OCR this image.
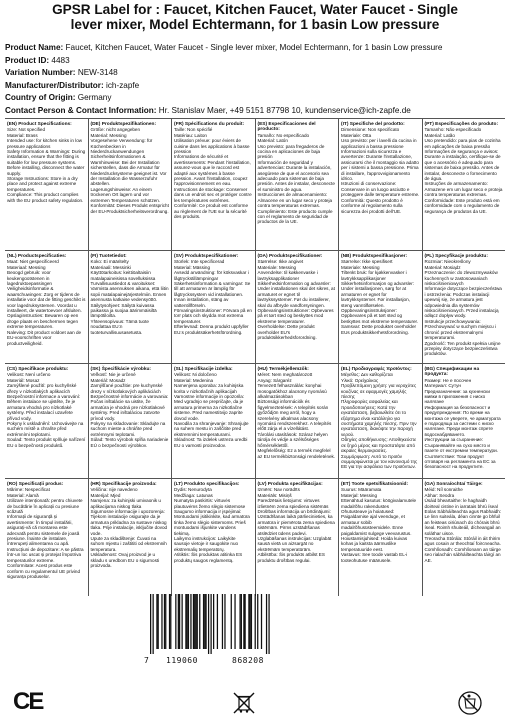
GPSR Label for : Faucet, Kitchen Faucet, Water Faucet - Single
lever mixer, Model Echtermann, for 1 basin Low pressure
Product Name: Faucet, Kitchen Faucet, Water Faucet - Single lever mixer, Model Echtermann, for 1 basin Low pressure
Product ID: 4483
Variation Number: NEW-3148
Manufacturer/Distributor: ich-zapfe
Country of Origin: Germany
Contact Person & Contact Information: Hr. Stanislav Maer, +49 5151 87798 10, kundenservice@ich-zapfe.de
(EN) Product Specifications:
Size: Not specified
Material: Brass
Intended use: for kitchen sinks in low pressure applications
Safety Information & Warnings: During installation, ensure that the fitting is suitable for low pressure systems. Before installing, disconnect the water supply.
Storage Instructions: Store in a dry place and protect against extreme temperatures.
Compliance: This product complies with the EU product safety regulation.
(DE) Produktspezifikationen:
Größe: nicht angegeben
Material: Messing
Vorgesehene Verwendung: für Küchenbecken in Niederdruckanwendungen
Sicherheitsinformationen & Warnhinweise: Bei der Installation sicherstellen, dass die Armatur für Niederdrucksysteme geeignet ist. Vor der Installation die Wasserzufuhr abstellen.
Lagerungshinweise: An einem trockenen Ort lagern und vor extremen Temperaturen schützen.
Konformität: Dieses Produkt entspricht der EU-Produktsicherheitsverordnung.
(FR) Spécifications du produit:
Taille: Non spécifié
Matériau: Laiton
Utilisation prévue: pour éviers de cuisine dans les applications à basse pression
Informations de sécurité et avertissements: Pendant l'installation, assurez-vous que le raccord est adapté aux systèmes à basse pression. Avant l'installation, coupez l'approvisionnement en eau.
Instructions de stockage: Conserver dans un endroit sec et protéger contre les températures extrêmes.
Conformité: Ce produit est conforme au règlement de l'UE sur la sécurité des produits.
(ES) Especificaciones del producto:
Tamaño: No especificado
Material: Latón
Uso previsto: para fregaderos de cocina en aplicaciones de baja presión
Información de seguridad y advertencias: Durante la instalación, asegúrese de que el accesorio sea adecuado para sistemas de baja presión. Antes de instalar, desconecte el suministro de agua.
Instrucciones de almacenamiento: Almacene en un lugar seco y proteja contra temperaturas extremas.
Cumplimiento: Este producto cumple con el reglamento de seguridad de productos de la UE.
(IT) Specifiche del prodotto:
Dimensione: Non specificato
Materiale: Otta
Uso previsto: per i lavelli da cucina in applicazioni a bassa pressione
Informazioni sulla sicurezza e avvertenze: Durante l'installazione, assicurarsi che il montaggio sia adatto per i sistemi a bassa pressione. Prima di installare, l'approvvigionamento idrico.
Istruzioni di conservazione: Conservare in un luogo asciutto e proteggere dalle temperature estreme.
Conformità: Questo prodotto è conforme al regolamento sulla sicurezza dei prodotti dell'UE.
(PT) Especificações do produto:
Tamanho: Não especificado
Material: Latão
Uso pretendido: para pias de cozinha em aplicações de baixa pressão
Informações de segurança e avisos: Durante a instalação, certifique-se de que o acessório é adequado para sistemas de baixa pressão. Antes de instalar, desconecte o fornecimento de água.
Instruções de armazenamento: Armazene em um lugar seco e proteja contra temperaturas extremas.
Conformidade: Este produto está em conformidade com o regulamento de segurança de produtos da UE.
(NL) Productspecificaties:
Maat: Niet gespecificeerd
Materiaal: Messing
Beoogd gebruik: voor keukengootstenen in lagedruktoepassingen
Veiligheidsinformatie & waarschuwingen: Zorg er tijdens de installatie voor dat de fitting geschikt is voor lagedruksystemen. Voordat u installeert, de watertoevoer afsluiten.
Opslaginstructies: Bewaren op een droge plaats en beschermen tegen extreme temperaturen.
Naleving: Dit product voldoet aan de EU-voorschriften voor productveiligheid.
(FI) Tuotetiedot:
Koko: Ei määritelty
Materiaali: Messinki
Käyttötarkoitus: keittiöaltaisiin matalapaineisissa sovelluksissa
Turvallisuustiedot & varoitukset: Varmista asennuksen aikana, että liitin sopii matalapainejärjestelmiin. Ennen asennusta katkaise vedensyöttö.
Säilytysohjeet: Säilytä kuivassa paikassa ja suojaa äärimmäisiltä lämpötiloilta.
Yhteensopivuus: Tämä tuote noudattaa EU:n tuoteturvallisuusasetusta.
(SV) Produktspecifikationer:
Storlek: Inte specificerad
Material: Mässing
Avsedd användning: för köksvaskar i lågtryckstillämpningar
Säkerhetsinformation & varningar: Se till att armaturen är lämplig för lågtryckssystem vid installationen. Innan installation, stäng av vattentillförseln.
Förvaringsinstruktioner: Förvara på en torr plats och skydda mot extrema temperaturer.
Efterlevnad: Denna produkt uppfyller EU:s produktsäkerhetsförordning.
(DA) Produktspecifikationer:
Størrelse: Ikke angivet
Materiale: Messing
Anvendelse: til køkkenvaske i lavtryksapplikationer
Sikkerhedsinformation og advarsler: Under installationen skal det sikres, at armaturet er egnet til lavtrykssystemer. Før du installerer, skal du afbryde vandforsyningen.
Opbevaringsinstruktioner: Opbevares på et tørt sted og beskyttes mod ekstreme temperaturer.
Overholdelse: Dette produkt overholder EU's produktsikkerhedsforordning.
(NB) Produktspesifikasjoner:
Størrelse: Ikke spesifisert
Materiale: Messing
Tiltenkt bruk: for kjøkkenvasker i lavtrykksapplikasjoner
Sikkerhetsinformasjon og advarsler: Under installasjonen, sørg for at armaturen er egnet for lavtrykksystemer. Før installasjon, steng vanntilførselen.
Oppbevaringsinstruksjoner: Oppbevares på et tørt sted og beskyttes mot ekstreme temperaturer.
Samsvar: Dette produktet overholder EUs produktsikkerhetsforordning.
(PL) Specyfikacje produktu:
Rozmiar: Nieokreślony
Materiał: Mosiądz
Przeznaczenie: do zlewozmywaków kuchennych w zastosowaniach niskociśnieniowych
Informacje dotyczące bezpieczeństwa i ostrzeżenia: Podczas instalacji upewnij się, że armatura jest odpowiednia dla systemów niskociśnieniowych. Przed instalacją odłącz dopływ wody.
Instrukcje przechowywania: Przechowywać w suchym miejscu i chronić przed ekstremalnymi temperaturami.
Zgodność: Ten produkt spełnia unijne przepisy dotyczące bezpieczeństwa produktów.
(CS) Specifikace produktu:
Velikost: Není určeno
Materiál: Mosaz
Zamýšlené použití: pro kuchyňské dřezy v nízkotlakých aplikacích
Bezpečnostní informace a varování: Během instalace se ujistěte, že je armatura vhodná pro nízkotlaké systémy. Před instalací uzavřete přívod vody.
Pokyny k uskladnění: Uchovávejte na suchém místě a chraňte před extrémními teplotami.
Soulad: Tento produkt splňuje nařízení EU o bezpečnosti produktů.
(SK) Špecifikácie výrobku:
Veľkosť: Nie je určené
Materiál: Mosadz
Zamýšľané použitie: pre kuchynské drezy v nízkotlakových aplikáciách
Bezpečnostné informácie a varovania: Počas inštalácie sa uistite, že armatúra je vhodná pre nízkotlakové systémy. Pred inštaláciou zatvorte prívod vody.
Pokyny na skladovanie: Skladujte na suchom mieste a chráňte pred extrémnymi teplotami.
Súlad: Tento výrobok spĺňa nariadenie EÚ o bezpečnosti výrobkov.
(SL) Specifikacije izdelka:
Velikost: Ni določeno
Material: Medenina
Namenjena uporaba: za kuhinjska korita v nizkotlačnih aplikacijah
Varnostne informacije in opozorila: Med vgradnjo se prepričajte, da je armatura primerna za nizkotlačne sisteme. Pred namestitvijo zaprite dovod vode.
Navodila za shranjevanje: Shranjujte na suhem mestu in zaščitite pred ekstremnimi temperaturami.
Skladnost: Ta izdelek ustreza uredbi EU o varnosti proizvodov.
(HU) Termékjellemzők:
Méret: Nem meghatározott
Anyag: Sárgaréz
Tervezett felhasználás: konyhai mosogatókhoz alacsony nyomású alkalmazásokban
Biztonsági információk és figyelmeztetések: A telepítés során győződjön meg arról, hogy a szerelvény alkalmas alacsony nyomású rendszerekhez. A telepítés előtt zárja el a vízellátást.
Tárolási utasítások: Száraz helyen tárolja és védje a szélsőséges hőmérséklettől.
Megfelelőség: Ez a termék megfelel az EU termékbiztonsági rendeletének.
(EL) Προδιαγραφές προϊόντος:
Μέγεθος: Δεν καθορίζεται
Υλικό: Ορείχαλκος
Προβλεπόμενη χρήση: για νεροχύτες κουζίνας σε εφαρμογές χαμηλής πίεσης
Πληροφορίες ασφαλείας και προειδοποιήσεις: Κατά την εγκατάσταση, βεβαιωθείτε ότι το εξάρτημα είναι κατάλληλο για συστήματα χαμηλής πίεσης. Πριν την εγκατάσταση, διακόψτε την παροχή νερού.
Οδηγίες αποθήκευσης: Αποθηκεύστε σε ξηρό μέρος και προστατέψτε από ακραίες θερμοκρασίες.
Συμμόρφωση: Αυτό το προϊόν συμμορφώνεται με τον κανονισμό της ΕΕ για την ασφάλεια των προϊόντων.
(BG) Спецификации на продукта:
Размер: Не е посочен
Материал: Сутун
Предназначение: за кухненски мивки в приложения с ниско налягане
Информация за безопасност и предупреждения: По време на монтажа се уверете, че арматурата е подходяща за системи с ниско налягане. Преди монтаж спрете водоснабдяването.
Инструкции за съхранение: Съхранявайте на сухо място и пазете от екстремни температури.
Съответствие: Този продукт отговаря на регламента на ЕС за безопасност на продуктите.
(RO) Specificații produs:
Mărime: Nespecificat
Material: Alamă
Utilizare intenționată: pentru chiuvete de bucătărie în aplicații cu presiune scăzută
Informații de siguranță și avertismente: În timpul instalării, asigurați-vă că montarea este adecvată pentru sistemele de joasă presiune. Înainte de instalare, întrerupeți alimentarea cu apă.
Instrucțiuni de depozitare: A se păstra într-un loc uscat și protejat împotriva temperaturilor extreme.
Conformitate: Acest produs este conform cu regulamentul UE privind siguranța produselor.
(HR) Specifikacije proizvoda:
Veličina: nije navedeno
Materijal: Mjed
Namjena: za kuhinjski umivaonik u aplikacijama niskog tlaka
Sigurnosne informacije i upozorenja: Tijekom instalacije osigurajte da je armatura prikladna za sustave niskog tlaka. Prije instalacije, isključite dovod vode.
Upute za skladištenje: Čuvati na suhom mjestu i zaštititi od ekstremnih temperatura.
Usklađenost: Ovaj proizvod je u skladu s uredbom EU o sigurnosti proizvoda.
(LT) Produkto specifikacijos:
Dydis: Nenurodyta
Medžiaga: Latunas
Numatyta paskirtis: virtuvės plautuvėms žemo slėgio sistemose
Saugumo informacija ir įspėjimai: Montuodami įsitikinkite, kad armatūra tinka žemo slėgio sistemoms. Prieš montuodami išjunkite vandens tiekimą.
Laikymo instrukcijos: Laikykite sausoje vietoje ir saugokite nuo ekstremalių temperatūrų.
Atitiktis: Šis produktas atitinka ES produktų saugos reglamentą.
(LV) Produkta specifikācijas:
Izmērs: Nav norādīts
Materiāls: Misiņš
Paredzētais lietojums: virtuves izlietnēm zema spiediena sistēmās
Drošības informācija un brīdinājumi: Uzstādīšanas laikā pārliecinieties, ka armatūra ir piemērota zema spiediena sistēmām. Pirms uzstādīšanas atslēdziet ūdens padevi.
Uzglabāšanas instrukcijas: Uzglabāt sausā vietā un aizsargāt no ekstrēmām temperatūrām.
Atbilstība: Šis produkts atbilst ES produktu drošības regulai.
(ET) Toote spetsifikatsioonid:
Suurus: Määramata
Materjal: Messing
Ettenähtud kasutus: köögivalamutele madalrõhu rakendustes
Ohutusteave ja hoiatused: Paigaldamise ajal veenduge, et armatuur sobib madalrõhusüsteemidele. Enne paigaldamist sulgege veevarustus.
Hoiustamisjuhised: Hoida kuivas kohas ja kaitsta äärmuslike temperatuuride eest.
Vastavus: See toode vastab EL-i tooteohutuse määrusele.
(GA) Sonraíochtaí Táirge:
Méid: Níl sonraithe
Abhar: Seodra
Úsáid bheartaithe: le haghaidh doirteal cistine in iarratais bhrú íseal
Eolas Sábháilteachta agus Rabhaidh: Le linn suiteála, déan cinnte go bhfuil an feisteas oiriúnach do chórais bhrú íseal. Roimh shuiteáil, dícheangail an soláthar uisce.
Treoracha Stórála: Stóráil in áit thirim agus cosain ar theochtaí foircneacha.
Comhlíonadh: Comhlíonann an táirge seo rialachán sábháilteachta táirgí an AE.
7 119060	868208
CE
